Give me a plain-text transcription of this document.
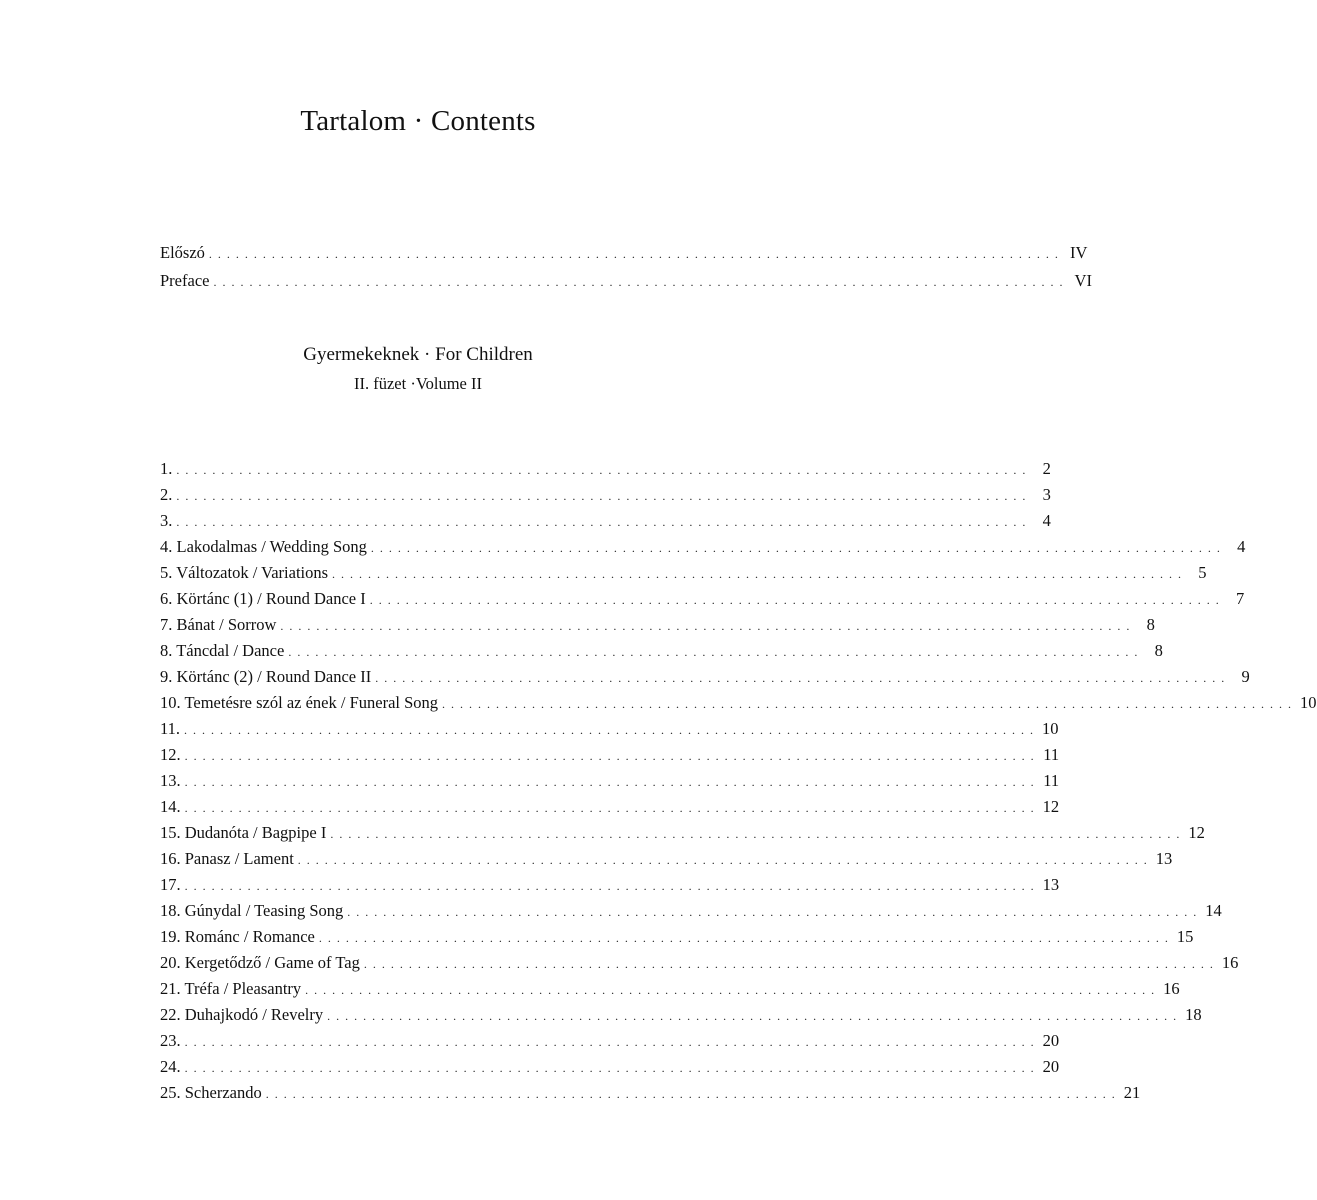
Tartalom · Contents
Előszó . . . . . . . . . . . . . . . . . . . . . . . . . . . . . . . . . . . . . . . . . . . . . . . . . . . . . . . . . . . . . . . . . . . . . . . . . . . . . . . . . . . . . . . . . . . . . . . IV
Preface . . . . . . . . . . . . . . . . . . . . . . . . . . . . . . . . . . . . . . . . . . . . . . . . . . . . . . . . . . . . . . . . . . . . . . . . . . . . . . . . . . . . . . . . . . . . . . . VI
Gyermekeknek · For Children
II. füzet ·Volume II
1. . . . . . . . . . . . . . . . . . . . . . . . . . . . . . . . . . . . . . . . . . . . . . . . . . . . . . . . . . . . . . . . . . . . . . . . . . . . . . . . . . . . . . . . . . . . . . . . 2
2. . . . . . . . . . . . . . . . . . . . . . . . . . . . . . . . . . . . . . . . . . . . . . . . . . . . . . . . . . . . . . . . . . . . . . . . . . . . . . . . . . . . . . . . . . . . . . . . 3
3. . . . . . . . . . . . . . . . . . . . . . . . . . . . . . . . . . . . . . . . . . . . . . . . . . . . . . . . . . . . . . . . . . . . . . . . . . . . . . . . . . . . . . . . . . . . . . . . 4
4. Lakodalmas / Wedding Song . . . . . . . . . . . . . . . . . . . . . . . . . . . . . . . . . . . . . . . . . . . . . . . . . . . . . . . . . . . . . . . . . . . . . . . . . . . . . . . . . . . . . . . . . . . . . . . 4
5. Változatok / Variations . . . . . . . . . . . . . . . . . . . . . . . . . . . . . . . . . . . . . . . . . . . . . . . . . . . . . . . . . . . . . . . . . . . . . . . . . . . . . . . . . . . . . . . . . . . . . . . 5
6. Körtánc (1) / Round Dance I . . . . . . . . . . . . . . . . . . . . . . . . . . . . . . . . . . . . . . . . . . . . . . . . . . . . . . . . . . . . . . . . . . . . . . . . . . . . . . . . . . . . . . . . . . . . . . . 7
7. Bánat / Sorrow . . . . . . . . . . . . . . . . . . . . . . . . . . . . . . . . . . . . . . . . . . . . . . . . . . . . . . . . . . . . . . . . . . . . . . . . . . . . . . . . . . . . . . . . . . . . . . . 8
8. Táncdal / Dance . . . . . . . . . . . . . . . . . . . . . . . . . . . . . . . . . . . . . . . . . . . . . . . . . . . . . . . . . . . . . . . . . . . . . . . . . . . . . . . . . . . . . . . . . . . . . . . 8
9. Körtánc (2) / Round Dance II . . . . . . . . . . . . . . . . . . . . . . . . . . . . . . . . . . . . . . . . . . . . . . . . . . . . . . . . . . . . . . . . . . . . . . . . . . . . . . . . . . . . . . . . . . . . . . . 9
10. Temetésre szól az ének / Funeral Song . . . . . . . . . . . . . . . . . . . . . . . . . . . . . . . . . . . . . . . . . . . . . . . . . . . . . . . . . . . . . . . . . . . . . . . . . . . . . . . . . . . . . . . . . . . . . . . 10
11. . . . . . . . . . . . . . . . . . . . . . . . . . . . . . . . . . . . . . . . . . . . . . . . . . . . . . . . . . . . . . . . . . . . . . . . . . . . . . . . . . . . . . . . . . . . . . . . 10
12. . . . . . . . . . . . . . . . . . . . . . . . . . . . . . . . . . . . . . . . . . . . . . . . . . . . . . . . . . . . . . . . . . . . . . . . . . . . . . . . . . . . . . . . . . . . . . . . 11
13. . . . . . . . . . . . . . . . . . . . . . . . . . . . . . . . . . . . . . . . . . . . . . . . . . . . . . . . . . . . . . . . . . . . . . . . . . . . . . . . . . . . . . . . . . . . . . . . 11
14. . . . . . . . . . . . . . . . . . . . . . . . . . . . . . . . . . . . . . . . . . . . . . . . . . . . . . . . . . . . . . . . . . . . . . . . . . . . . . . . . . . . . . . . . . . . . . . . 12
15. Dudanóta / Bagpipe I . . . . . . . . . . . . . . . . . . . . . . . . . . . . . . . . . . . . . . . . . . . . . . . . . . . . . . . . . . . . . . . . . . . . . . . . . . . . . . . . . . . . . . . . . . . . . . . 12
16. Panasz / Lament . . . . . . . . . . . . . . . . . . . . . . . . . . . . . . . . . . . . . . . . . . . . . . . . . . . . . . . . . . . . . . . . . . . . . . . . . . . . . . . . . . . . . . . . . . . . . . . 13
17. . . . . . . . . . . . . . . . . . . . . . . . . . . . . . . . . . . . . . . . . . . . . . . . . . . . . . . . . . . . . . . . . . . . . . . . . . . . . . . . . . . . . . . . . . . . . . . . 13
18. Gúnydal / Teasing Song . . . . . . . . . . . . . . . . . . . . . . . . . . . . . . . . . . . . . . . . . . . . . . . . . . . . . . . . . . . . . . . . . . . . . . . . . . . . . . . . . . . . . . . . . . . . . . . 14
19. Románc / Romance . . . . . . . . . . . . . . . . . . . . . . . . . . . . . . . . . . . . . . . . . . . . . . . . . . . . . . . . . . . . . . . . . . . . . . . . . . . . . . . . . . . . . . . . . . . . . . . 15
20. Kergetődző / Game of Tag . . . . . . . . . . . . . . . . . . . . . . . . . . . . . . . . . . . . . . . . . . . . . . . . . . . . . . . . . . . . . . . . . . . . . . . . . . . . . . . . . . . . . . . . . . . . . . . 16
21. Tréfa / Pleasantry . . . . . . . . . . . . . . . . . . . . . . . . . . . . . . . . . . . . . . . . . . . . . . . . . . . . . . . . . . . . . . . . . . . . . . . . . . . . . . . . . . . . . . . . . . . . . . . 16
22. Duhajkodó / Revelry . . . . . . . . . . . . . . . . . . . . . . . . . . . . . . . . . . . . . . . . . . . . . . . . . . . . . . . . . . . . . . . . . . . . . . . . . . . . . . . . . . . . . . . . . . . . . . . 18
23. . . . . . . . . . . . . . . . . . . . . . . . . . . . . . . . . . . . . . . . . . . . . . . . . . . . . . . . . . . . . . . . . . . . . . . . . . . . . . . . . . . . . . . . . . . . . . . . 20
24. . . . . . . . . . . . . . . . . . . . . . . . . . . . . . . . . . . . . . . . . . . . . . . . . . . . . . . . . . . . . . . . . . . . . . . . . . . . . . . . . . . . . . . . . . . . . . . . 20
25. Scherzando . . . . . . . . . . . . . . . . . . . . . . . . . . . . . . . . . . . . . . . . . . . . . . . . . . . . . . . . . . . . . . . . . . . . . . . . . . . . . . . . . . . . . . . . . . . . . . . 21
